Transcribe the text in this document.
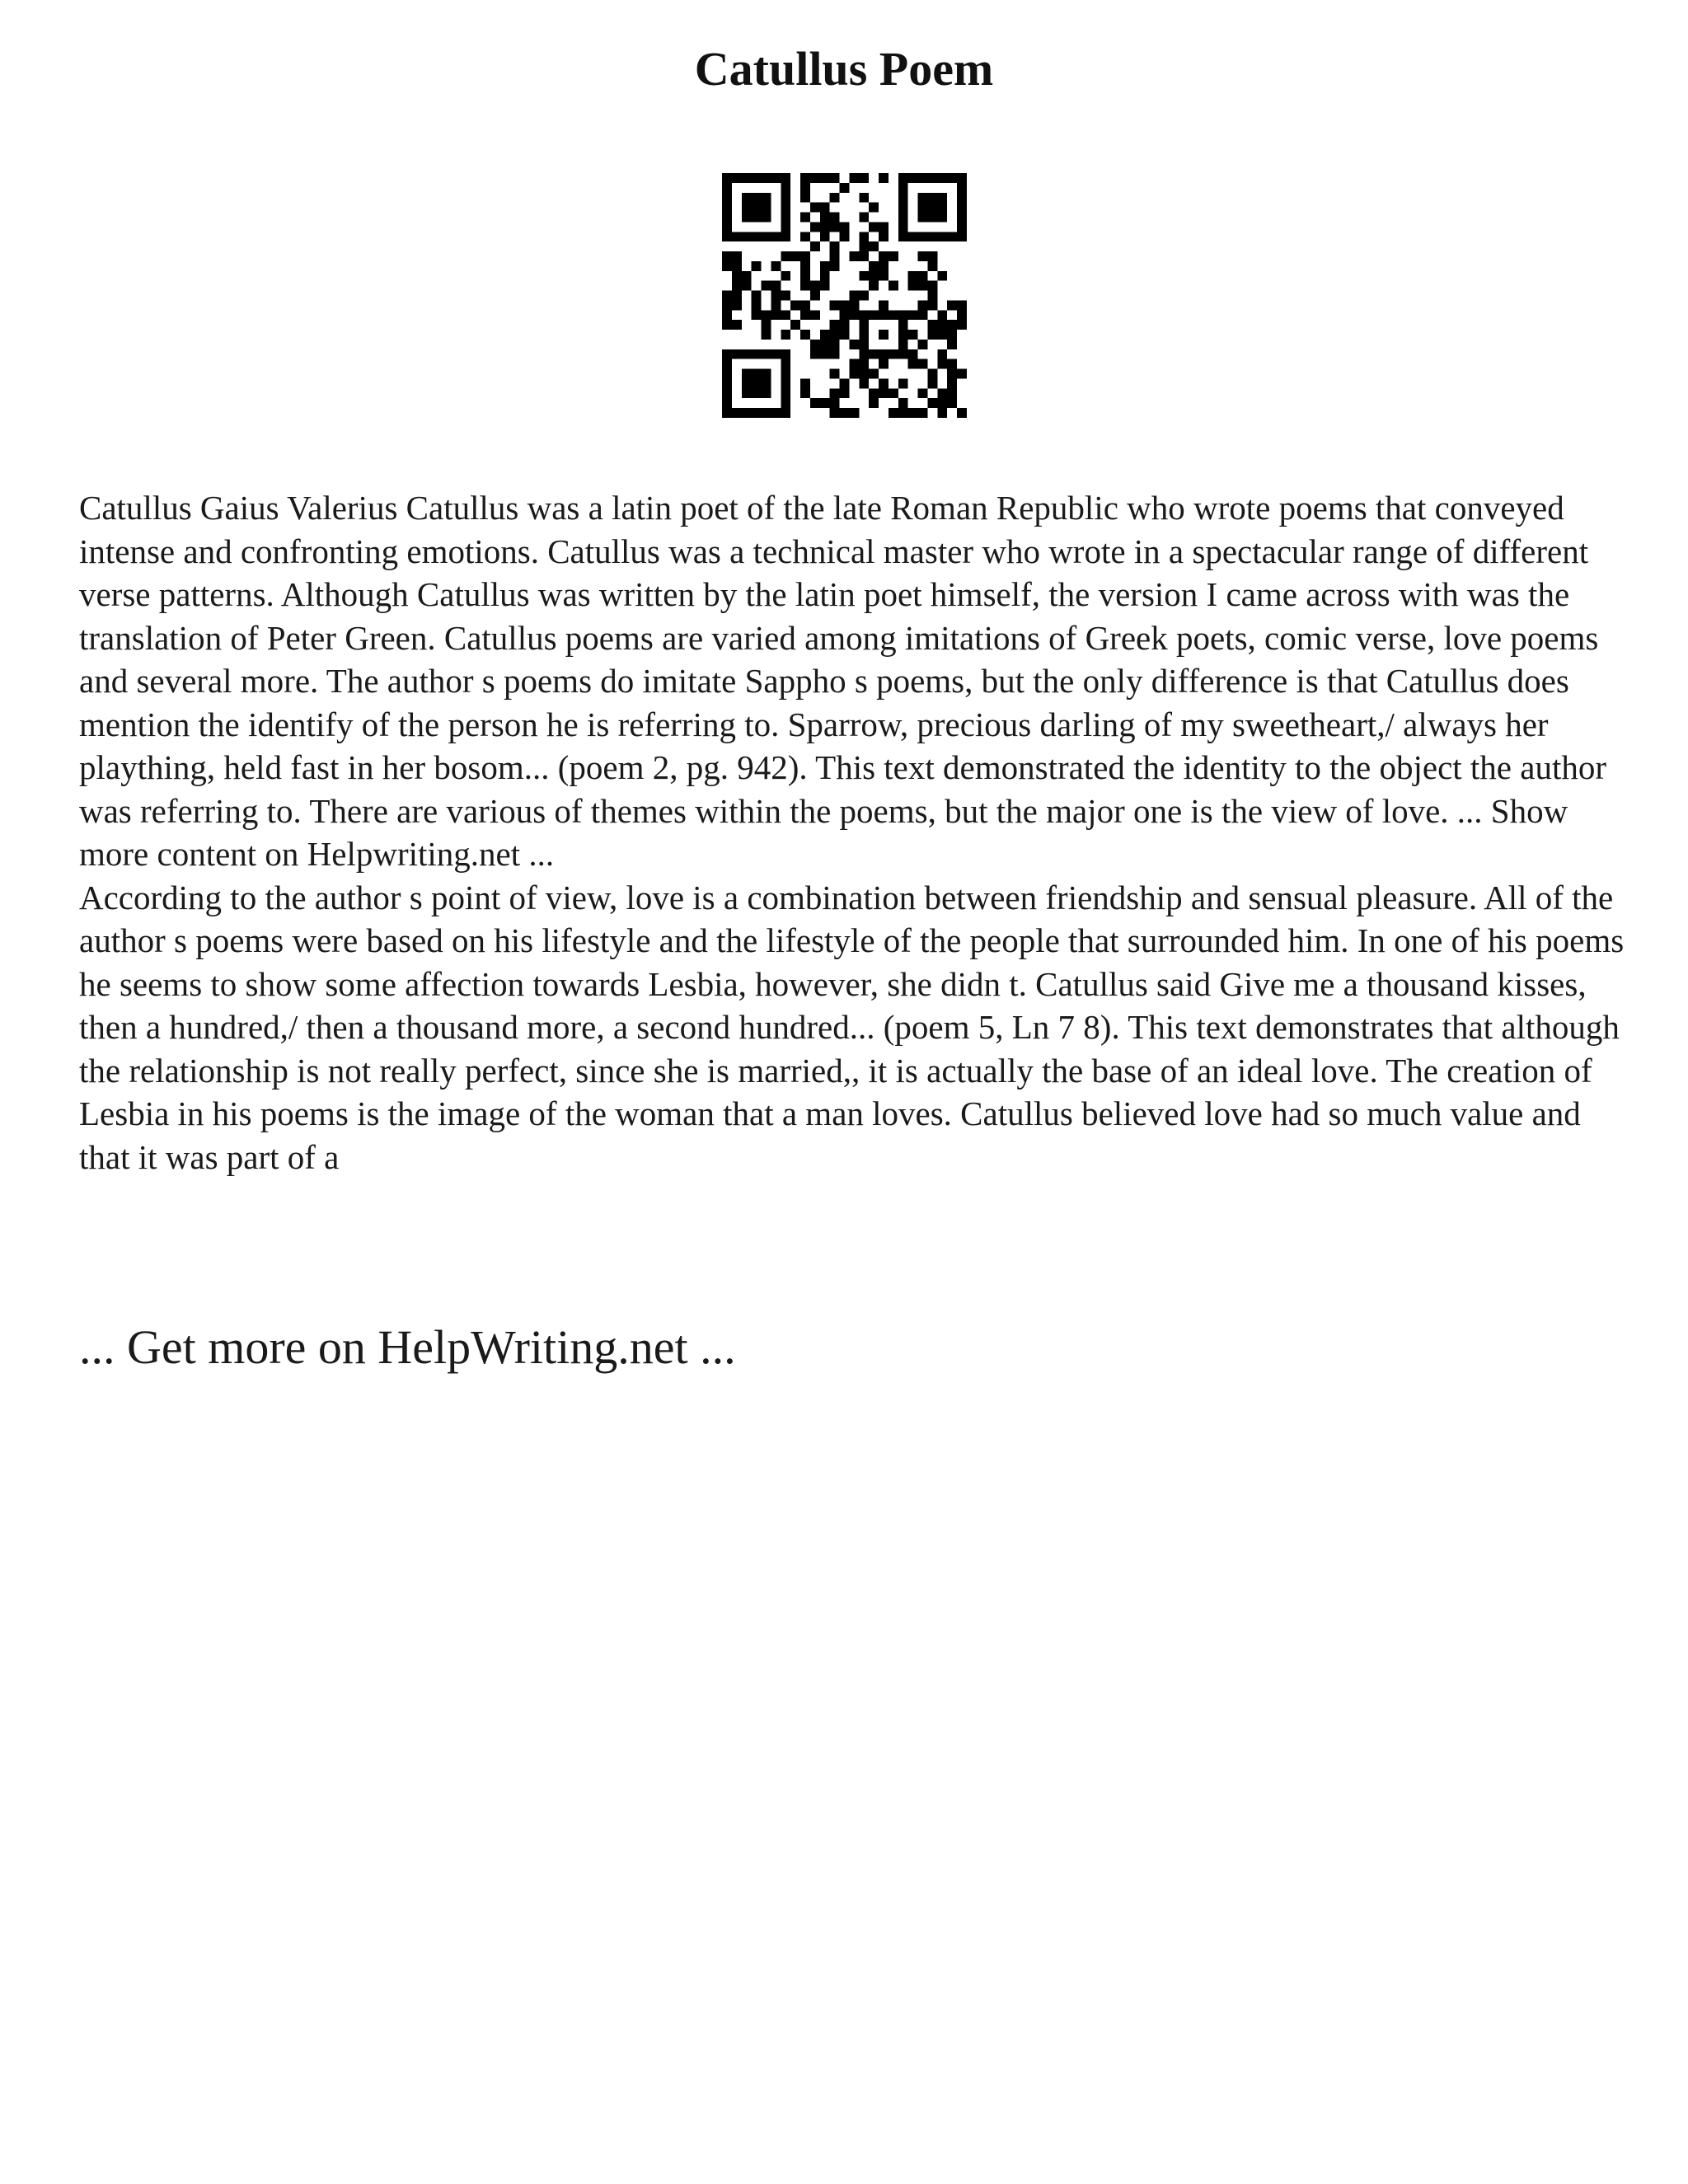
Catullus Poem

Catullus Gaius Valerius Catullus was a latin poet of the late Roman Republic who wrote poems that conveyed intense and confronting emotions. Catullus was a technical master who wrote in a spectacular range of different verse patterns. Although Catullus was written by the latin poet himself, the version I came across with was the translation of Peter Green. Catullus poems are varied among imitations of Greek poets, comic verse, love poems and several more. The author s poems do imitate Sappho s poems, but the only difference is that Catullus does mention the identify of the person he is referring to. Sparrow, precious darling of my sweetheart,/ always her plaything, held fast in her bosom... (poem 2, pg. 942). This text demonstrated the identity to the object the author was referring to. There are various of themes within the poems, but the major one is the view of love. ... Show more content on Helpwriting.net ...

According to the author s point of view, love is a combination between friendship and sensual pleasure. All of the author s poems were based on his lifestyle and the lifestyle of the people that surrounded him. In one of his poems he seems to show some affection towards Lesbia, however, she didn t. Catullus said Give me a thousand kisses, then a hundred,/ then a thousand more, a second hundred... (poem 5, Ln 7 8). This text demonstrates that although the relationship is not really perfect, since she is married,, it is actually the base of an ideal love. The creation of Lesbia in his poems is the image of the woman that a man loves. Catullus believed love had so much value and that it was part of a

... Get more on HelpWriting.net ...
